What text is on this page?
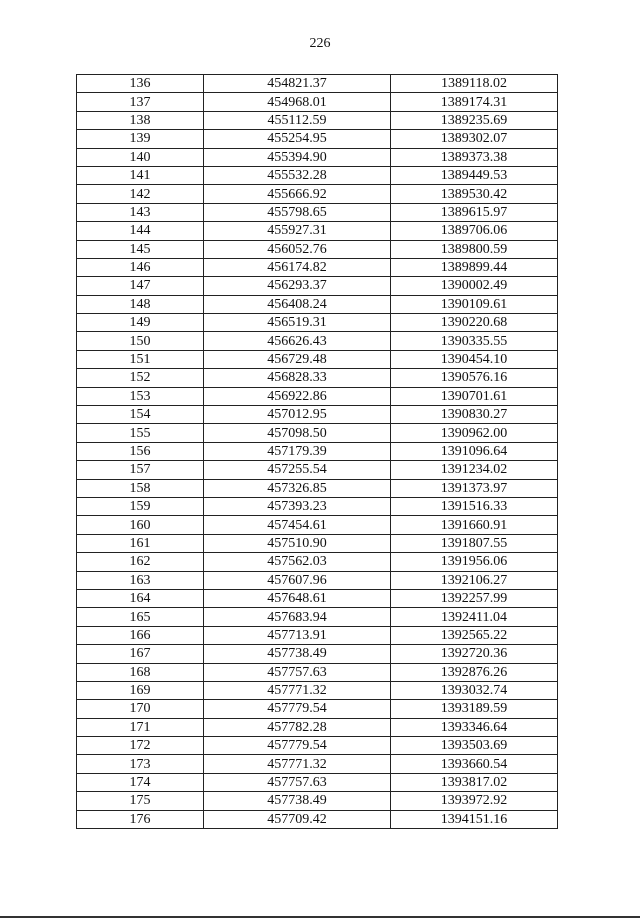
226
136	454821.37	1389118.02
137	454968.01	1389174.31
138	455112.59	1389235.69
139	455254.95	1389302.07
140	455394.90	1389373.38
141	455532.28	1389449.53
142	455666.92	1389530.42
143	455798.65	1389615.97
144	455927.31	1389706.06
145	456052.76	1389800.59
146	456174.82	1389899.44
147	456293.37	1390002.49
148	456408.24	1390109.61
149	456519.31	1390220.68
150	456626.43	1390335.55
151	456729.48	1390454.10
152	456828.33	1390576.16
153	456922.86	1390701.61
154	457012.95	1390830.27
155	457098.50	1390962.00
156	457179.39	1391096.64
157	457255.54	1391234.02
158	457326.85	1391373.97
159	457393.23	1391516.33
160	457454.61	1391660.91
161	457510.90	1391807.55
162	457562.03	1391956.06
163	457607.96	1392106.27
164	457648.61	1392257.99
165	457683.94	1392411.04
166	457713.91	1392565.22
167	457738.49	1392720.36
168	457757.63	1392876.26
169	457771.32	1393032.74
170	457779.54	1393189.59
171	457782.28	1393346.64
172	457779.54	1393503.69
173	457771.32	1393660.54
174	457757.63	1393817.02
175	457738.49	1393972.92
176	457709.42	1394151.16
